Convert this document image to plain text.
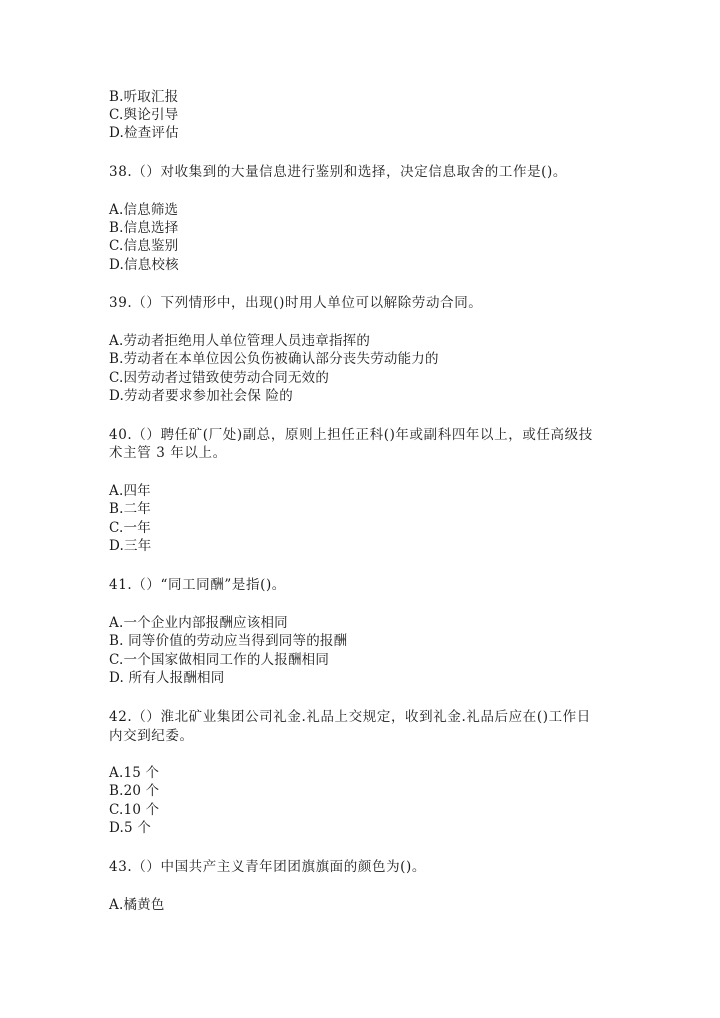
B.听取汇报
C.舆论引导
D.检查评估
38.（）对收集到的大量信息进行鉴别和选择，决定信息取舍的工作是()。
A.信息筛选
B.信息选择
C.信息鉴别
D.信息校核
39.（）下列情形中，出现()时用人单位可以解除劳动合同。
A.劳动者拒绝用人单位管理人员违章指挥的
B.劳动者在本单位因公负伤被确认部分丧失劳动能力的
C.因劳动者过错致使劳动合同无效的
D.劳动者要求参加社会保 险的
40.（）聘任矿(厂处)副总，原则上担任正科()年或副科四年以上，或任高级技
术主管 3 年以上。
A.四年
B.二年
C.一年
D.三年
41.（）“同工同酬”是指()。
A.一个企业内部报酬应该相同
B. 同等价值的劳动应当得到同等的报酬
C.一个国家做相同工作的人报酬相同
D. 所有人报酬相同
42.（）淮北矿业集团公司礼金.礼品上交规定，收到礼金.礼品后应在()工作日
内交到纪委。
A.15 个
B.20 个
C.10 个
D.5 个
43.（）中国共产主义青年团团旗旗面的颜色为()。
A.橘黄色
